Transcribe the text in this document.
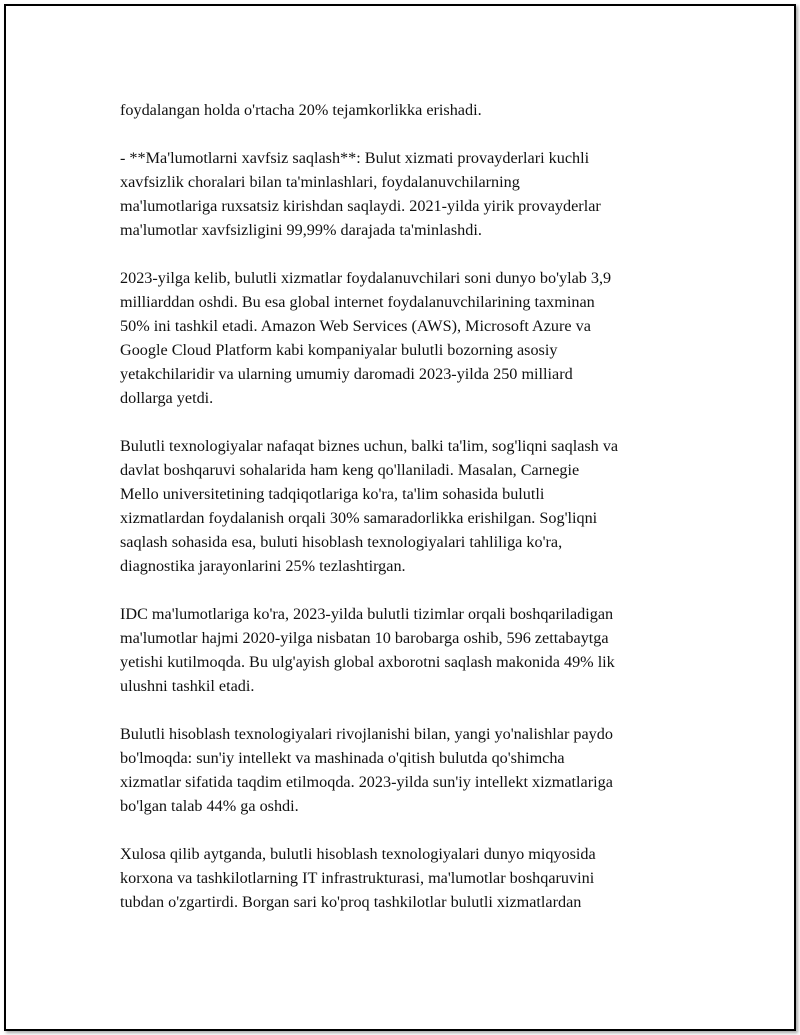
foydalangan holda o'rtacha 20% tejamkorlikka erishadi.

- **Ma'lumotlarni xavfsiz saqlash**: Bulut xizmati provayderlari kuchli
xavfsizlik choralari bilan ta'minlashlari, foydalanuvchilarning
ma'lumotlariga ruxsatsiz kirishdan saqlaydi. 2021-yilda yirik provayderlar
ma'lumotlar xavfsizligini 99,99% darajada ta'minlashdi.

2023-yilga kelib, bulutli xizmatlar foydalanuvchilari soni dunyo bo'ylab 3,9
milliarddan oshdi. Bu esa global internet foydalanuvchilarining taxminan
50% ini tashkil etadi. Amazon Web Services (AWS), Microsoft Azure va
Google Cloud Platform kabi kompaniyalar bulutli bozorning asosiy
yetakchilaridir va ularning umumiy daromadi 2023-yilda 250 milliard
dollarga yetdi.

Bulutli texnologiyalar nafaqat biznes uchun, balki ta'lim, sog'liqni saqlash va
davlat boshqaruvi sohalarida ham keng qo'llaniladi. Masalan, Carnegie
Mello universitetining tadqiqotlariga ko'ra, ta'lim sohasida bulutli
xizmatlardan foydalanish orqali 30% samaradorlikka erishilgan. Sog'liqni
saqlash sohasida esa, buluti hisoblash texnologiyalari tahliliga ko'ra,
diagnostika jarayonlarini 25% tezlashtirgan.

IDC ma'lumotlariga ko'ra, 2023-yilda bulutli tizimlar orqali boshqariladigan
ma'lumotlar hajmi 2020-yilga nisbatan 10 barobarga oshib, 596 zettabaytga
yetishi kutilmoqda. Bu ulg'ayish global axborotni saqlash makonida 49% lik
ulushni tashkil etadi.

Bulutli hisoblash texnologiyalari rivojlanishi bilan, yangi yo'nalishlar paydo
bo'lmoqda: sun'iy intellekt va mashinada o'qitish bulutda qo'shimcha
xizmatlar sifatida taqdim etilmoqda. 2023-yilda sun'iy intellekt xizmatlariga
bo'lgan talab 44% ga oshdi.

Xulosa qilib aytganda, bulutli hisoblash texnologiyalari dunyo miqyosida
korxona va tashkilotlarning IT infrastrukturasi, ma'lumotlar boshqaruvini
tubdan o'zgartirdi. Borgan sari ko'proq tashkilotlar bulutli xizmatlardan
